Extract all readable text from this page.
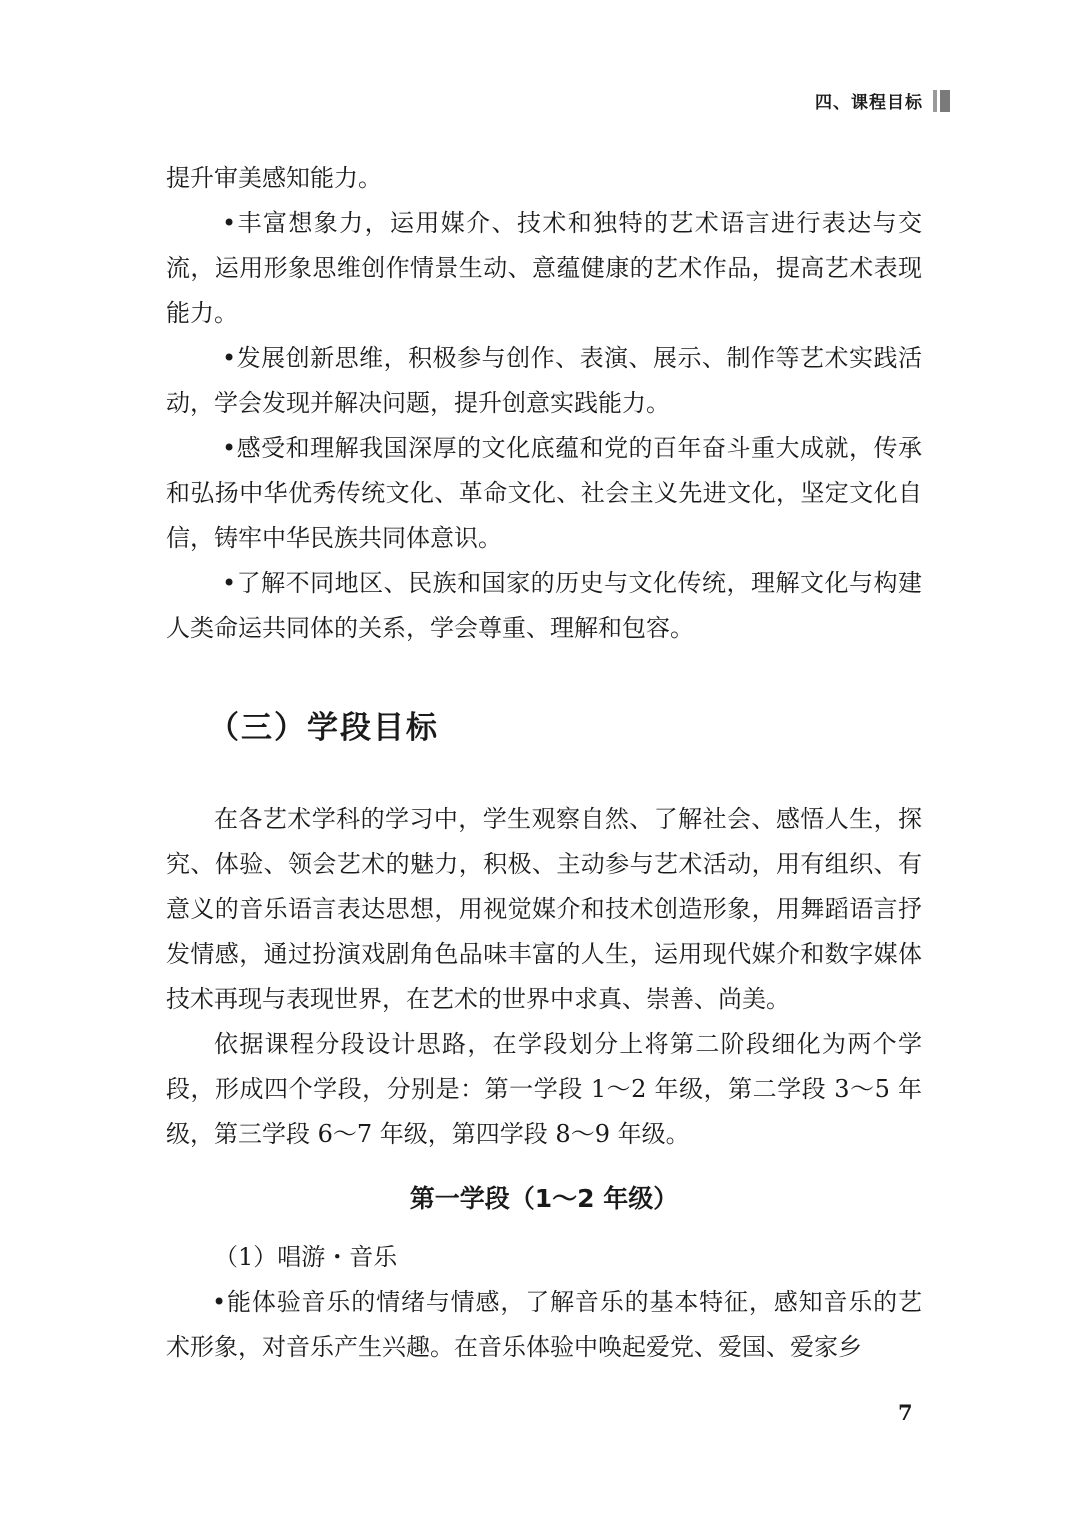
四、课程目标

提升审美感知能力。

•丰富想象力，运用媒介、技术和独特的艺术语言进行表达与交流，运用形象思维创作情景生动、意蕴健康的艺术作品，提高艺术表现能力。

•发展创新思维，积极参与创作、表演、展示、制作等艺术实践活动，学会发现并解决问题，提升创意实践能力。

•感受和理解我国深厚的文化底蕴和党的百年奋斗重大成就，传承和弘扬中华优秀传统文化、革命文化、社会主义先进文化，坚定文化自信，铸牢中华民族共同体意识。

•了解不同地区、民族和国家的历史与文化传统，理解文化与构建人类命运共同体的关系，学会尊重、理解和包容。

（三）学段目标

在各艺术学科的学习中，学生观察自然、了解社会、感悟人生，探究、体验、领会艺术的魅力，积极、主动参与艺术活动，用有组织、有意义的音乐语言表达思想，用视觉媒介和技术创造形象，用舞蹈语言抒发情感，通过扮演戏剧角色品味丰富的人生，运用现代媒介和数字媒体技术再现与表现世界，在艺术的世界中求真、崇善、尚美。

依据课程分段设计思路，在学段划分上将第二阶段细化为两个学段，形成四个学段，分别是：第一学段 1～2 年级，第二学段 3～5 年级，第三学段 6～7 年级，第四学段 8～9 年级。

第一学段（1～2 年级）

（1）唱游・音乐

•能体验音乐的情绪与情感，了解音乐的基本特征，感知音乐的艺术形象，对音乐产生兴趣。在音乐体验中唤起爱党、爱国、爱家乡

7
